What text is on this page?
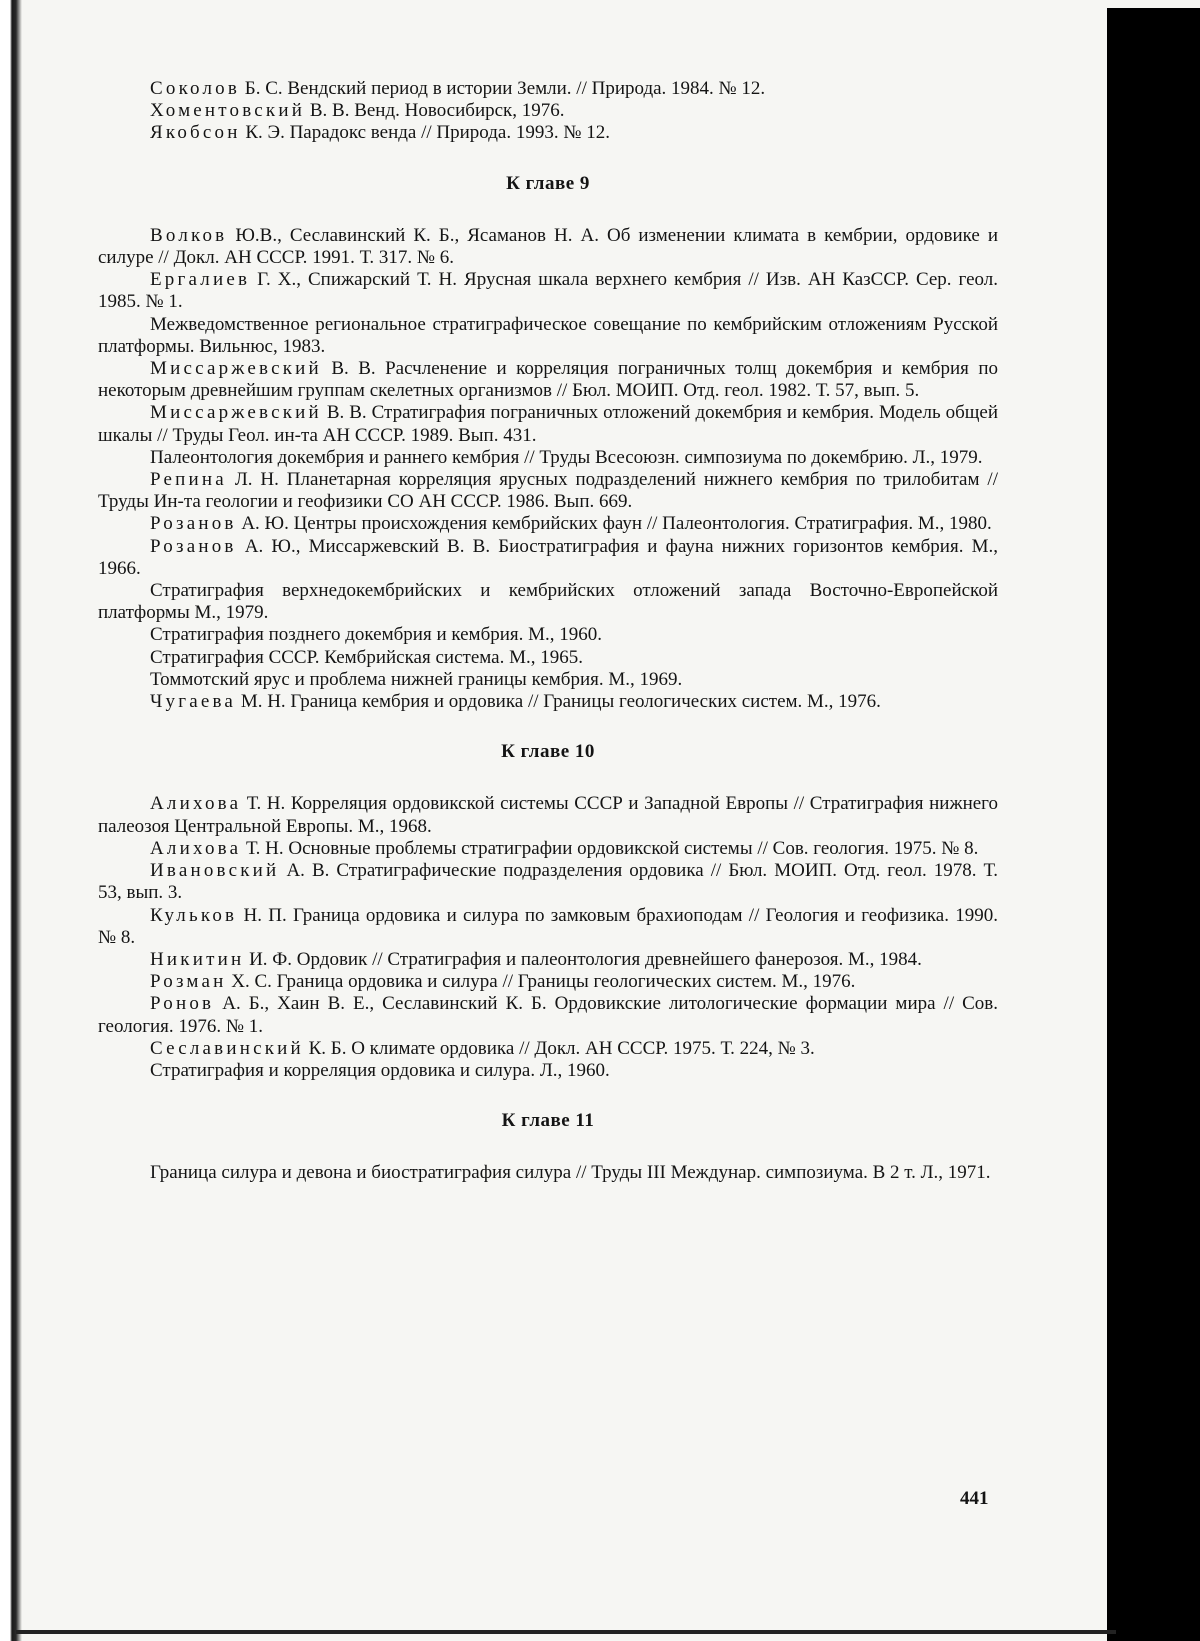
Соколов Б. С. Вендский период в истории Земли. // Природа. 1984. № 12.

Хоментовский В. В. Венд. Новосибирск, 1976.

Якобсон К. Э. Парадокс венда // Природа. 1993. № 12.

К главе 9

Волков Ю.В., Сеславинский К. Б., Ясаманов Н. А. Об изменении климата в кембрии, ордовике и силуре // Докл. АН СССР. 1991. Т. 317. № 6.

Ергалиев Г. Х., Спижарский Т. Н. Ярусная шкала верхнего кембрия // Изв. АН КазССР. Сер. геол. 1985. № 1.

Межведомственное региональное стратиграфическое совещание по кембрийским отложениям Русской платформы. Вильнюс, 1983.

Миссаржевский В. В. Расчленение и корреляция пограничных толщ докембрия и кембрия по некоторым древнейшим группам скелетных организмов // Бюл. МОИП. Отд. геол. 1982. Т. 57, вып. 5.

Миссаржевский В. В. Стратиграфия пограничных отложений докембрия и кембрия. Модель общей шкалы // Труды Геол. ин-та АН СССР. 1989. Вып. 431.

Палеонтология докембрия и раннего кембрия // Труды Всесоюзн. симпозиума по докембрию. Л., 1979.

Репина Л. Н. Планетарная корреляция ярусных подразделений нижнего кембрия по трилобитам // Труды Ин-та геологии и геофизики СО АН СССР. 1986. Вып. 669.

Розанов А. Ю. Центры происхождения кембрийских фаун // Палеонтология. Стратиграфия. М., 1980.

Розанов А. Ю., Миссаржевский В. В. Биостратиграфия и фауна нижних горизонтов кембрия. М., 1966.

Стратиграфия верхнедокембрийских и кембрийских отложений запада Восточно-Европейской платформы М., 1979.

Стратиграфия позднего докембрия и кембрия. М., 1960.

Стратиграфия СССР. Кембрийская система. М., 1965.

Томмотский ярус и проблема нижней границы кембрия. М., 1969.

Чугаева М. Н. Граница кембрия и ордовика // Границы геологических систем. М., 1976.

К главе 10

Алихова Т. Н. Корреляция ордовикской системы СССР и Западной Европы // Стратиграфия нижнего палеозоя Центральной Европы. М., 1968.

Алихова Т. Н. Основные проблемы стратиграфии ордовикской системы // Сов. геология. 1975. № 8.

Ивановский А. В. Стратиграфические подразделения ордовика // Бюл. МОИП. Отд. геол. 1978. Т. 53, вып. 3.

Кульков Н. П. Граница ордовика и силура по замковым брахиоподам // Геология и геофизика. 1990. № 8.

Никитин И. Ф. Ордовик // Стратиграфия и палеонтология древнейшего фанерозоя. М., 1984.

Розман Х. С. Граница ордовика и силура // Границы геологических систем. М., 1976.

Ронов А. Б., Хаин В. Е., Сеславинский К. Б. Ордовикские литологические формации мира // Сов. геология. 1976. № 1.

Сеславинский К. Б. О климате ордовика // Докл. АН СССР. 1975. Т. 224, № 3.

Стратиграфия и корреляция ордовика и силура. Л., 1960.

К главе 11

Граница силура и девона и биостратиграфия силура // Труды III Междунар. симпозиума. В 2 т. Л., 1971.

441
